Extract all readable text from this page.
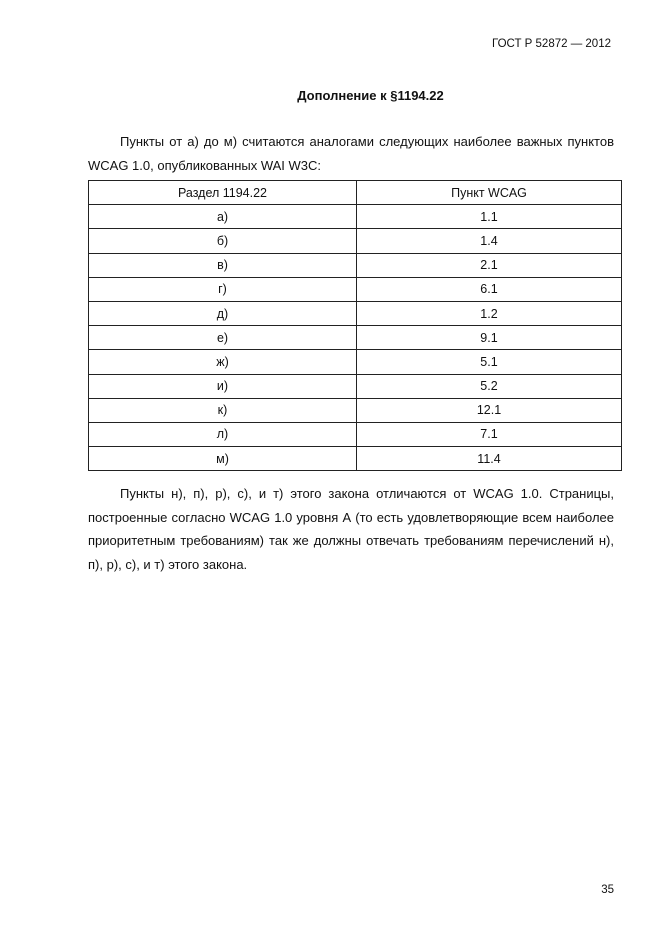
ГОСТ Р 52872 — 2012
Дополнение к §1194.22
Пункты от а) до м) считаются аналогами следующих наиболее важных пунктов WCAG 1.0, опубликованных WAI W3C:
Раздел 1194.22	Пункт WCAG
а)	1.1
б)	1.4
в)	2.1
г)	6.1
д)	1.2
е)	9.1
ж)	5.1
и)	5.2
к)	12.1
л)	7.1
м)	11.4
Пункты н), п), р), с), и т) этого закона отличаются от WCAG 1.0. Страницы, построенные согласно WCAG 1.0 уровня А (то есть удовлетворяющие всем наиболее приоритетным требованиям) так же должны отвечать требованиям перечислений н), п), р), с), и т) этого закона.
35
